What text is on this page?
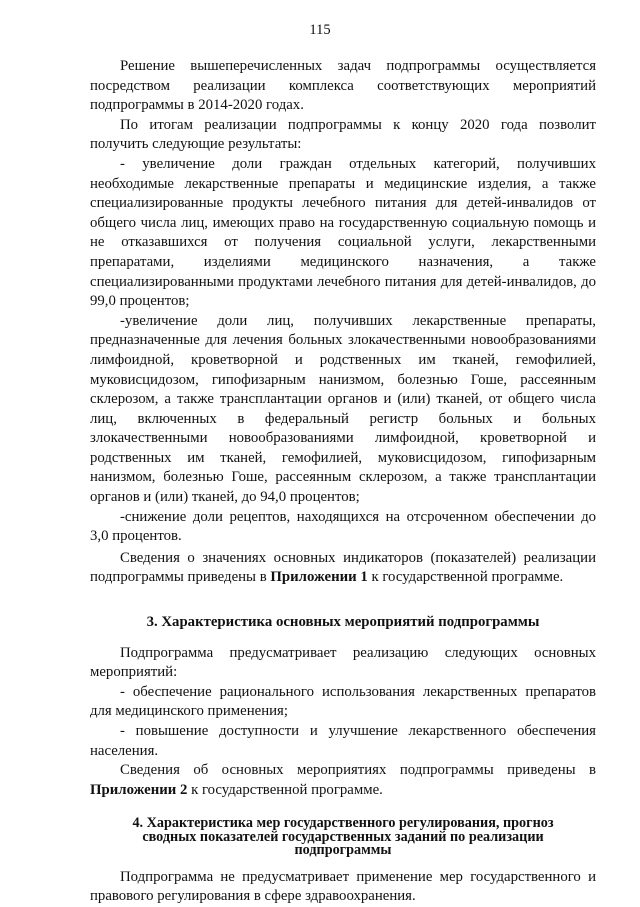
115

Решение вышеперечисленных задач подпрограммы осуществляется посредством реализации комплекса соответствующих мероприятий подпрограммы в 2014-2020 годах.

По итогам реализации подпрограммы к концу 2020 года позволит получить следующие результаты:

- увеличение доли граждан отдельных категорий, получивших необходимые лекарственные препараты и медицинские изделия, а также специализированные продукты лечебного питания для детей-инвалидов от общего числа лиц, имеющих право на государственную социальную помощь и не отказавшихся от получения социальной услуги, лекарственными препаратами, изделиями медицинского назначения, а также специализированными продуктами лечебного питания для детей-инвалидов, до 99,0 процентов;

-увеличение доли лиц, получивших лекарственные препараты, предназначенные для лечения больных злокачественными новообразованиями лимфоидной, кроветворной и родственных им тканей, гемофилией, муковисцидозом, гипофизарным нанизмом, болезнью Гоше, рассеянным склерозом, а также трансплантации органов и (или) тканей, от общего числа лиц, включенных в федеральный регистр больных и больных злокачественными новообразованиями лимфоидной, кроветворной и родственных им тканей, гемофилией, муковисцидозом, гипофизарным нанизмом, болезнью Гоше, рассеянным склерозом, а также трансплантации органов и (или) тканей, до 94,0 процентов;

-снижение доли рецептов, находящихся на отсроченном обеспечении до 3,0 процентов.

Сведения о значениях основных индикаторов (показателей) реализации подпрограммы приведены в Приложении 1 к государственной программе.

3. Характеристика основных мероприятий подпрограммы

Подпрограмма предусматривает реализацию следующих основных мероприятий:

- обеспечение рационального использования лекарственных препаратов для медицинского применения;

- повышение доступности и улучшение лекарственного обеспечения населения.

Сведения об основных мероприятиях подпрограммы приведены в Приложении 2 к государственной программе.

4. Характеристика мер государственного регулирования, прогноз
сводных показателей государственных заданий по реализации
подпрограммы

Подпрограмма не предусматривает применение мер государственного и правового регулирования в сфере здравоохранения.
